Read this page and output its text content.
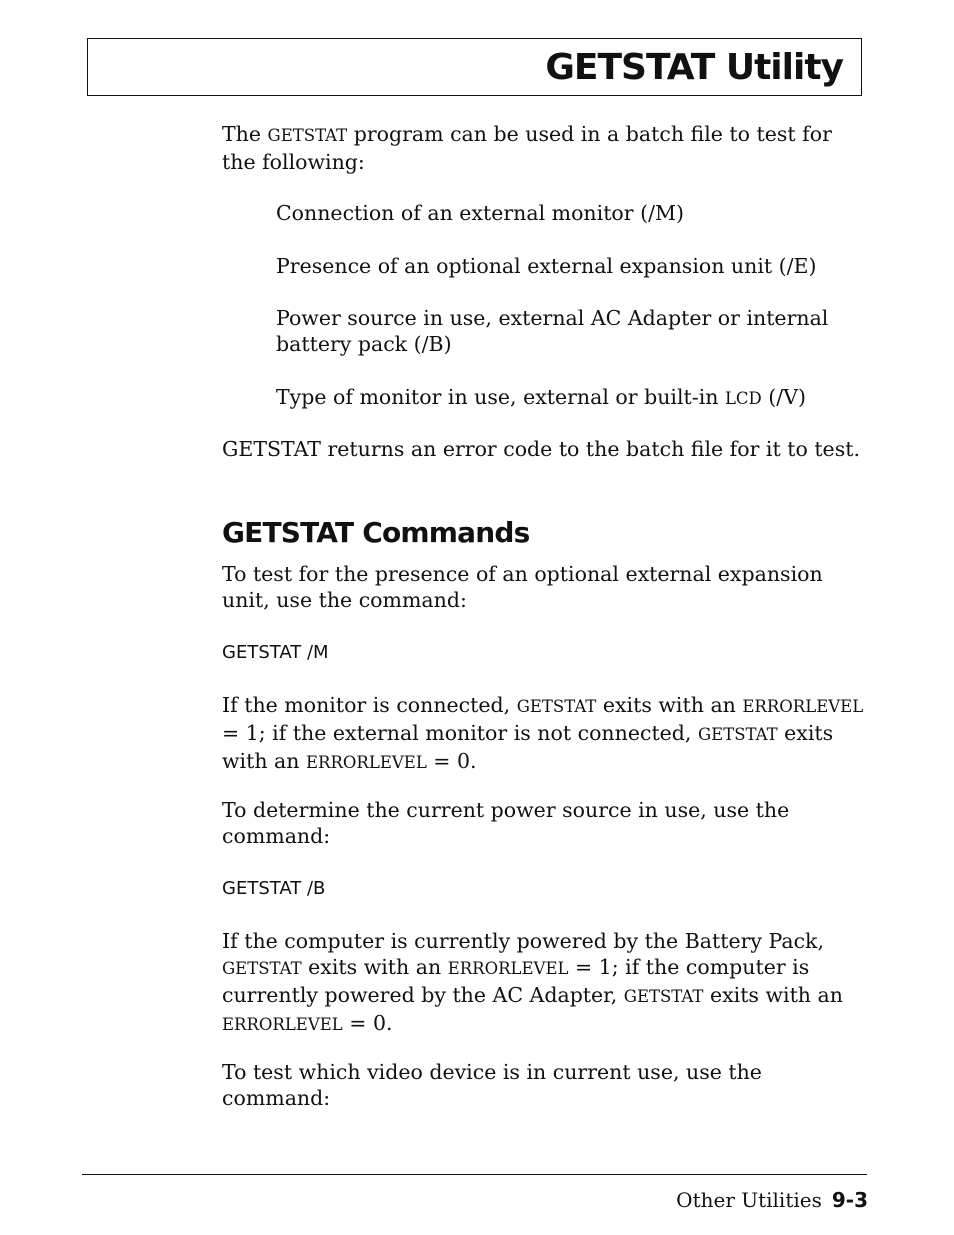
GETSTAT Utility

The GETSTAT program can be used in a batch file to test for the following:

Connection of an external monitor (/M)

Presence of an optional external expansion unit (/E)

Power source in use, external AC Adapter or internal battery pack (/B)

Type of monitor in use, external or built-in LCD (/V)

GETSTAT returns an error code to the batch file for it to test.

GETSTAT Commands

To test for the presence of an optional external expansion unit, use the command:

GETSTAT /M

If the monitor is connected, GETSTAT exits with an ERRORLEVEL = 1; if the external monitor is not connected, GETSTAT exits with an ERRORLEVEL = 0.

To determine the current power source in use, use the command:

GETSTAT /B

If the computer is currently powered by the Battery Pack, GETSTAT exits with an ERRORLEVEL = 1; if the computer is currently powered by the AC Adapter, GETSTAT exits with an ERRORLEVEL = 0.

To test which video device is in current use, use the command:

Other Utilities 9-3
